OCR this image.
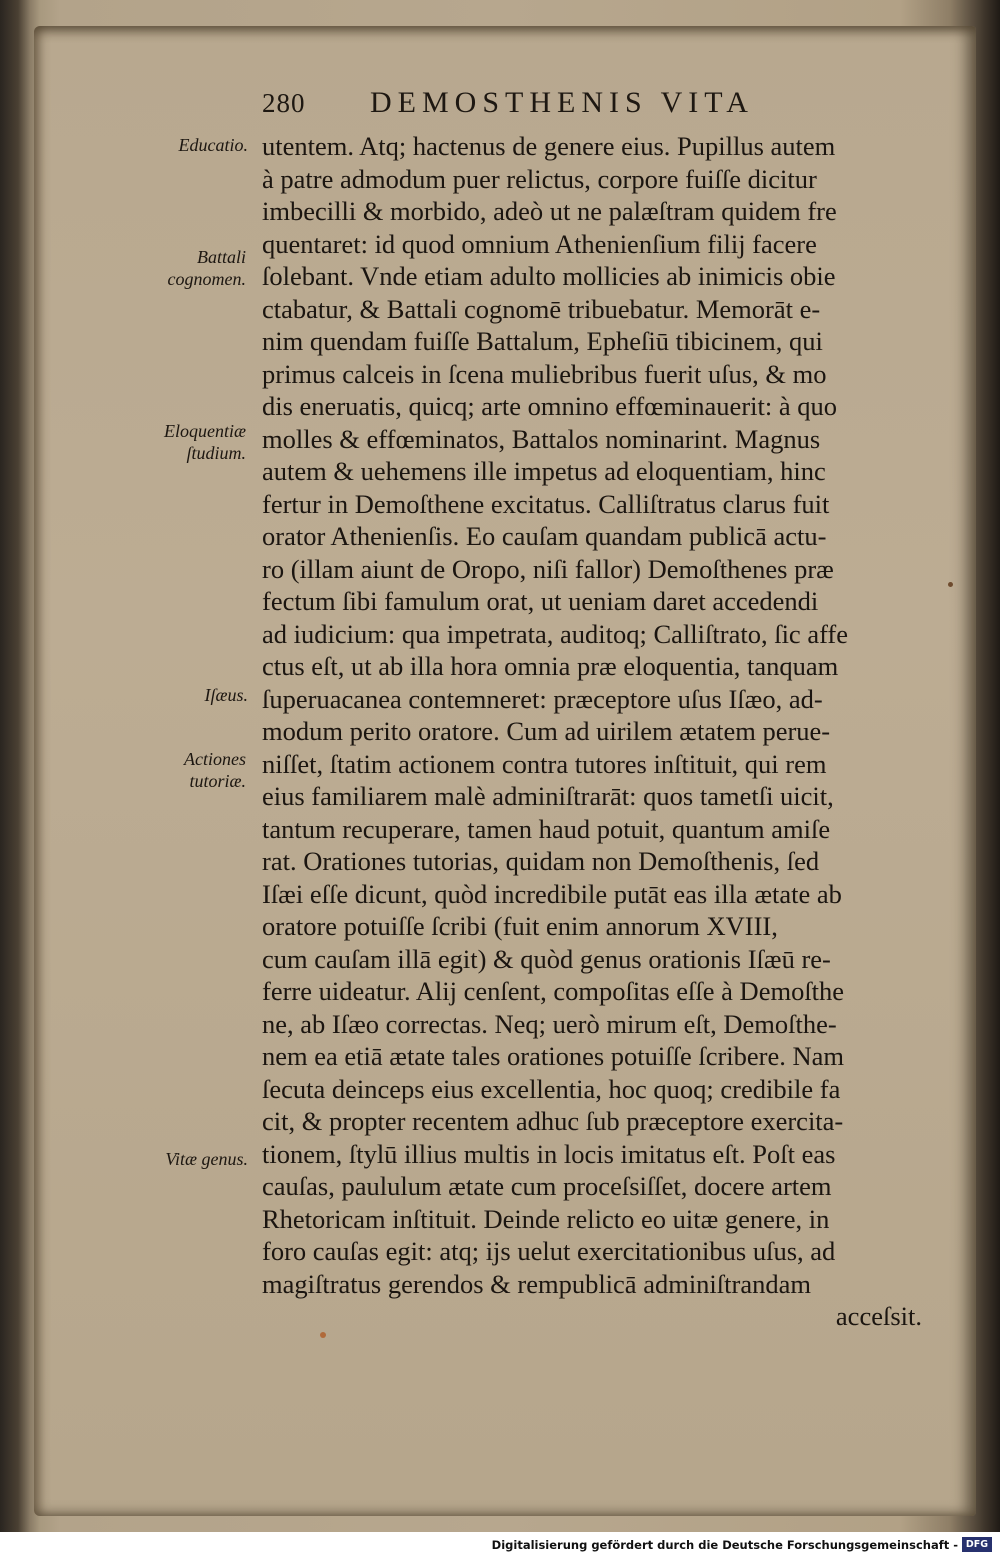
280 DEMOSTHENIS VITA
Educatio.
Battali cognomen.
Eloquentiæ ſtudium.
Iſæus.
Actiones tutoriæ.
Vitæ genus.
utentem. Atq; hactenus de genere eius. Pupillus autem
à patre admodum puer relictus, corpore fuiſſe dicitur
imbecilli & morbido, adeò ut ne palæſtram quidem fre
quentaret: id quod omnium Athenienſium filij facere
ſolebant. Vnde etiam adulto mollicies ab inimicis obie
ctabatur, & Battali cognomē tribuebatur. Memorāt e-
nim quendam fuiſſe Battalum, Epheſiū tibicinem, qui
primus calceis in ſcena muliebribus fuerit uſus, & mo
dis eneruatis, quicq; arte omnino effœminauerit: à quo
molles & effœminatos, Battalos nominarint. Magnus
autem & uehemens ille impetus ad eloquentiam, hinc
fertur in Demoſthene excitatus. Calliſtratus clarus fuit
orator Athenienſis. Eo cauſam quandam publicā actu-
ro (illam aiunt de Oropo, niſi fallor) Demoſthenes præ
fectum ſibi famulum orat, ut ueniam daret accedendi
ad iudicium: qua impetrata, auditoq; Calliſtrato, ſic affe
ctus eſt, ut ab illa hora omnia præ eloquentia, tanquam
ſuperuacanea contemneret: præceptore uſus Iſæo, ad-
modum perito oratore. Cum ad uirilem ætatem perue-
niſſet, ſtatim actionem contra tutores inſtituit, qui rem
eius familiarem malè adminiſtrarāt: quos tametſi uicit,
tantum recuperare, tamen haud potuit, quantum amiſe
rat. Orationes tutorias, quidam non Demoſthenis, ſed
Iſæi eſſe dicunt, quòd incredibile putāt eas illa ætate ab
oratore potuiſſe ſcribi (fuit enim annorum XVIII,
cum cauſam illā egit) & quòd genus orationis Iſæū re-
ferre uideatur. Alij cenſent, compoſitas eſſe à Demoſthe
ne, ab Iſæo correctas. Neq; uerò mirum eſt, Demoſthe-
nem ea etiā ætate tales orationes potuiſſe ſcribere. Nam
ſecuta deinceps eius excellentia, hoc quoq; credibile fa
cit, & propter recentem adhuc ſub præceptore exercita-
tionem, ſtylū illius multis in locis imitatus eſt. Poſt eas
cauſas, paululum ætate cum proceſsiſſet, docere artem
Rhetoricam inſtituit. Deinde relicto eo uitæ genere, in
foro cauſas egit: atq; ijs uelut exercitationibus uſus, ad
magiſtratus gerendos & rempublicā adminiſtrandam
acceſsit.
Digitalisierung gefördert durch die Deutsche Forschungsgemeinschaft - DFG
